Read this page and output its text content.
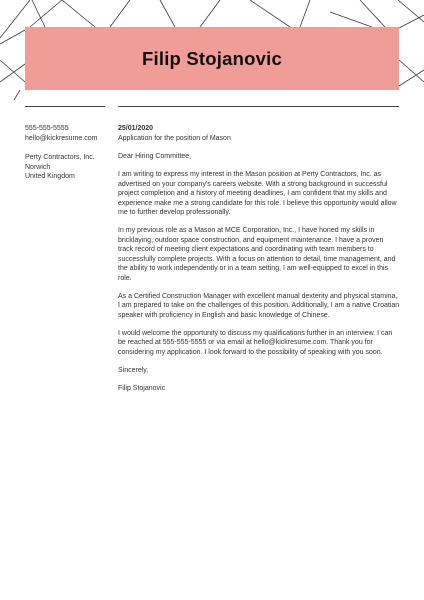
Filip Stojanovic
555-555-5555
hello@kickresume.com
Perty Contractors, Inc.
Norwich
United Kingdom

25/01/2020

Application for the position of Mason

Dear Hiring Committee,

I am writing to express my interest in the Mason position at Perty Contractors, Inc. as advertised on your company's careers website. With a strong background in successful project completion and a history of meeting deadlines, I am confident that my skills and experience make me a strong candidate for this role. I believe this opportunity would allow me to further develop professionally.

In my previous role as a Mason at MCE Corporation, Inc., I have honed my skills in bricklaying, outdoor space construction, and equipment maintenance. I have a proven track record of meeting client expectations and coordinating with team members to successfully complete projects. With a focus on attention to detail, time management, and the ability to work independently or in a team setting, I am well-equipped to excel in this role.

As a Certified Construction Manager with excellent manual dexterity and physical stamina, I am prepared to take on the challenges of this position. Additionally, I am a native Croatian speaker with proficiency in English and basic knowledge of Chinese.

I would welcome the opportunity to discuss my qualifications further in an interview. I can be reached at 555-555-5555 or via email at hello@kickresume.com. Thank you for considering my application. I look forward to the possibility of speaking with you soon.

Sincerely,

Filip Stojanovic
